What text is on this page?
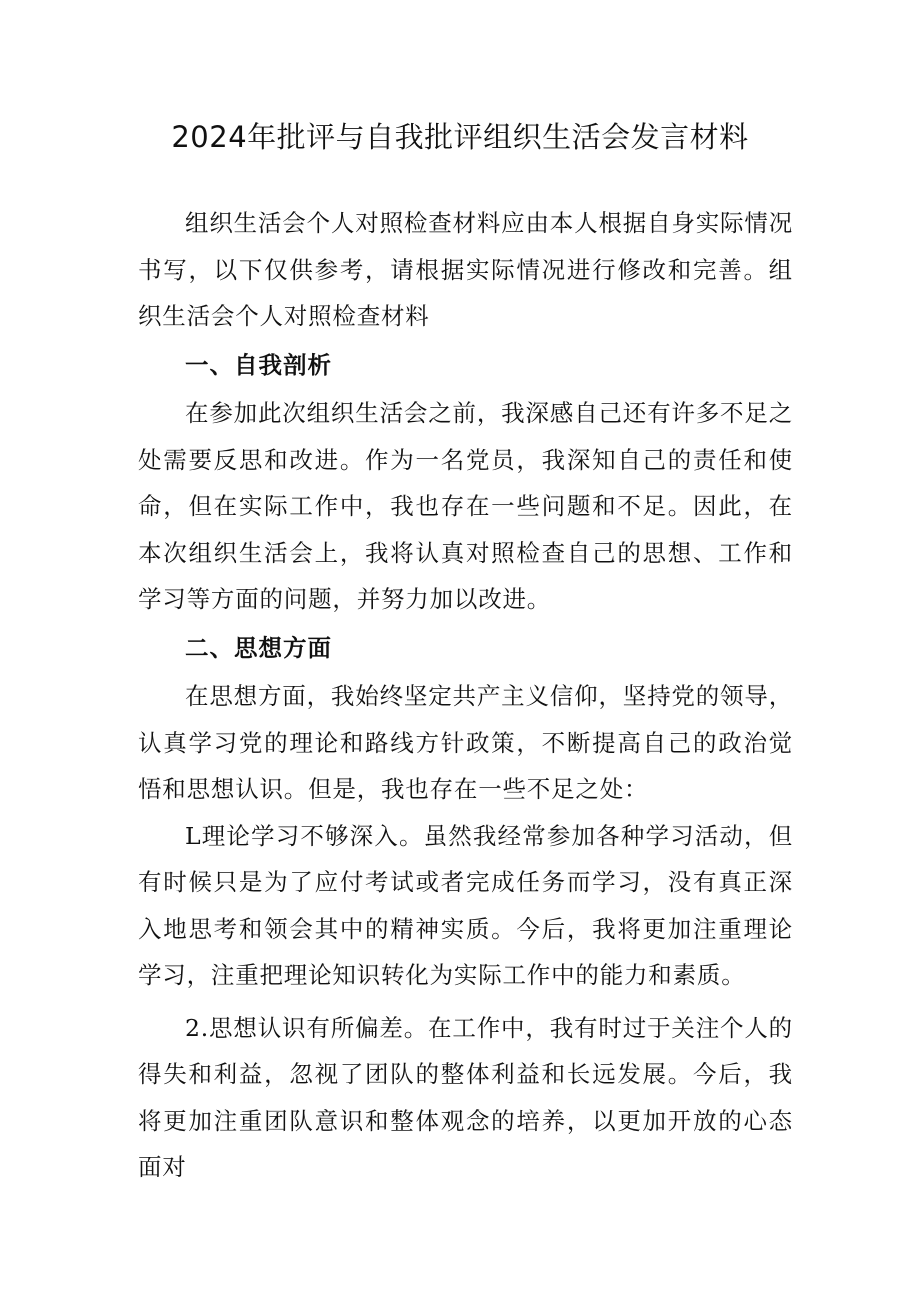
2024年批评与自我批评组织生活会发言材料

组织生活会个人对照检查材料应由本人根据自身实际情况书写，以下仅供参考，请根据实际情况进行修改和完善。组织生活会个人对照检查材料

一、自我剖析

在参加此次组织生活会之前，我深感自己还有许多不足之处需要反思和改进。作为一名党员，我深知自己的责任和使命，但在实际工作中，我也存在一些问题和不足。因此，在本次组织生活会上，我将认真对照检查自己的思想、工作和学习等方面的问题，并努力加以改进。

二、思想方面

在思想方面，我始终坚定共产主义信仰，坚持党的领导，认真学习党的理论和路线方针政策，不断提高自己的政治觉悟和思想认识。但是，我也存在一些不足之处：

L理论学习不够深入。虽然我经常参加各种学习活动，但有时候只是为了应付考试或者完成任务而学习，没有真正深入地思考和领会其中的精神实质。今后，我将更加注重理论学习，注重把理论知识转化为实际工作中的能力和素质。

2.思想认识有所偏差。在工作中，我有时过于关注个人的得失和利益，忽视了团队的整体利益和长远发展。今后，我将更加注重团队意识和整体观念的培养，以更加开放的心态面对
